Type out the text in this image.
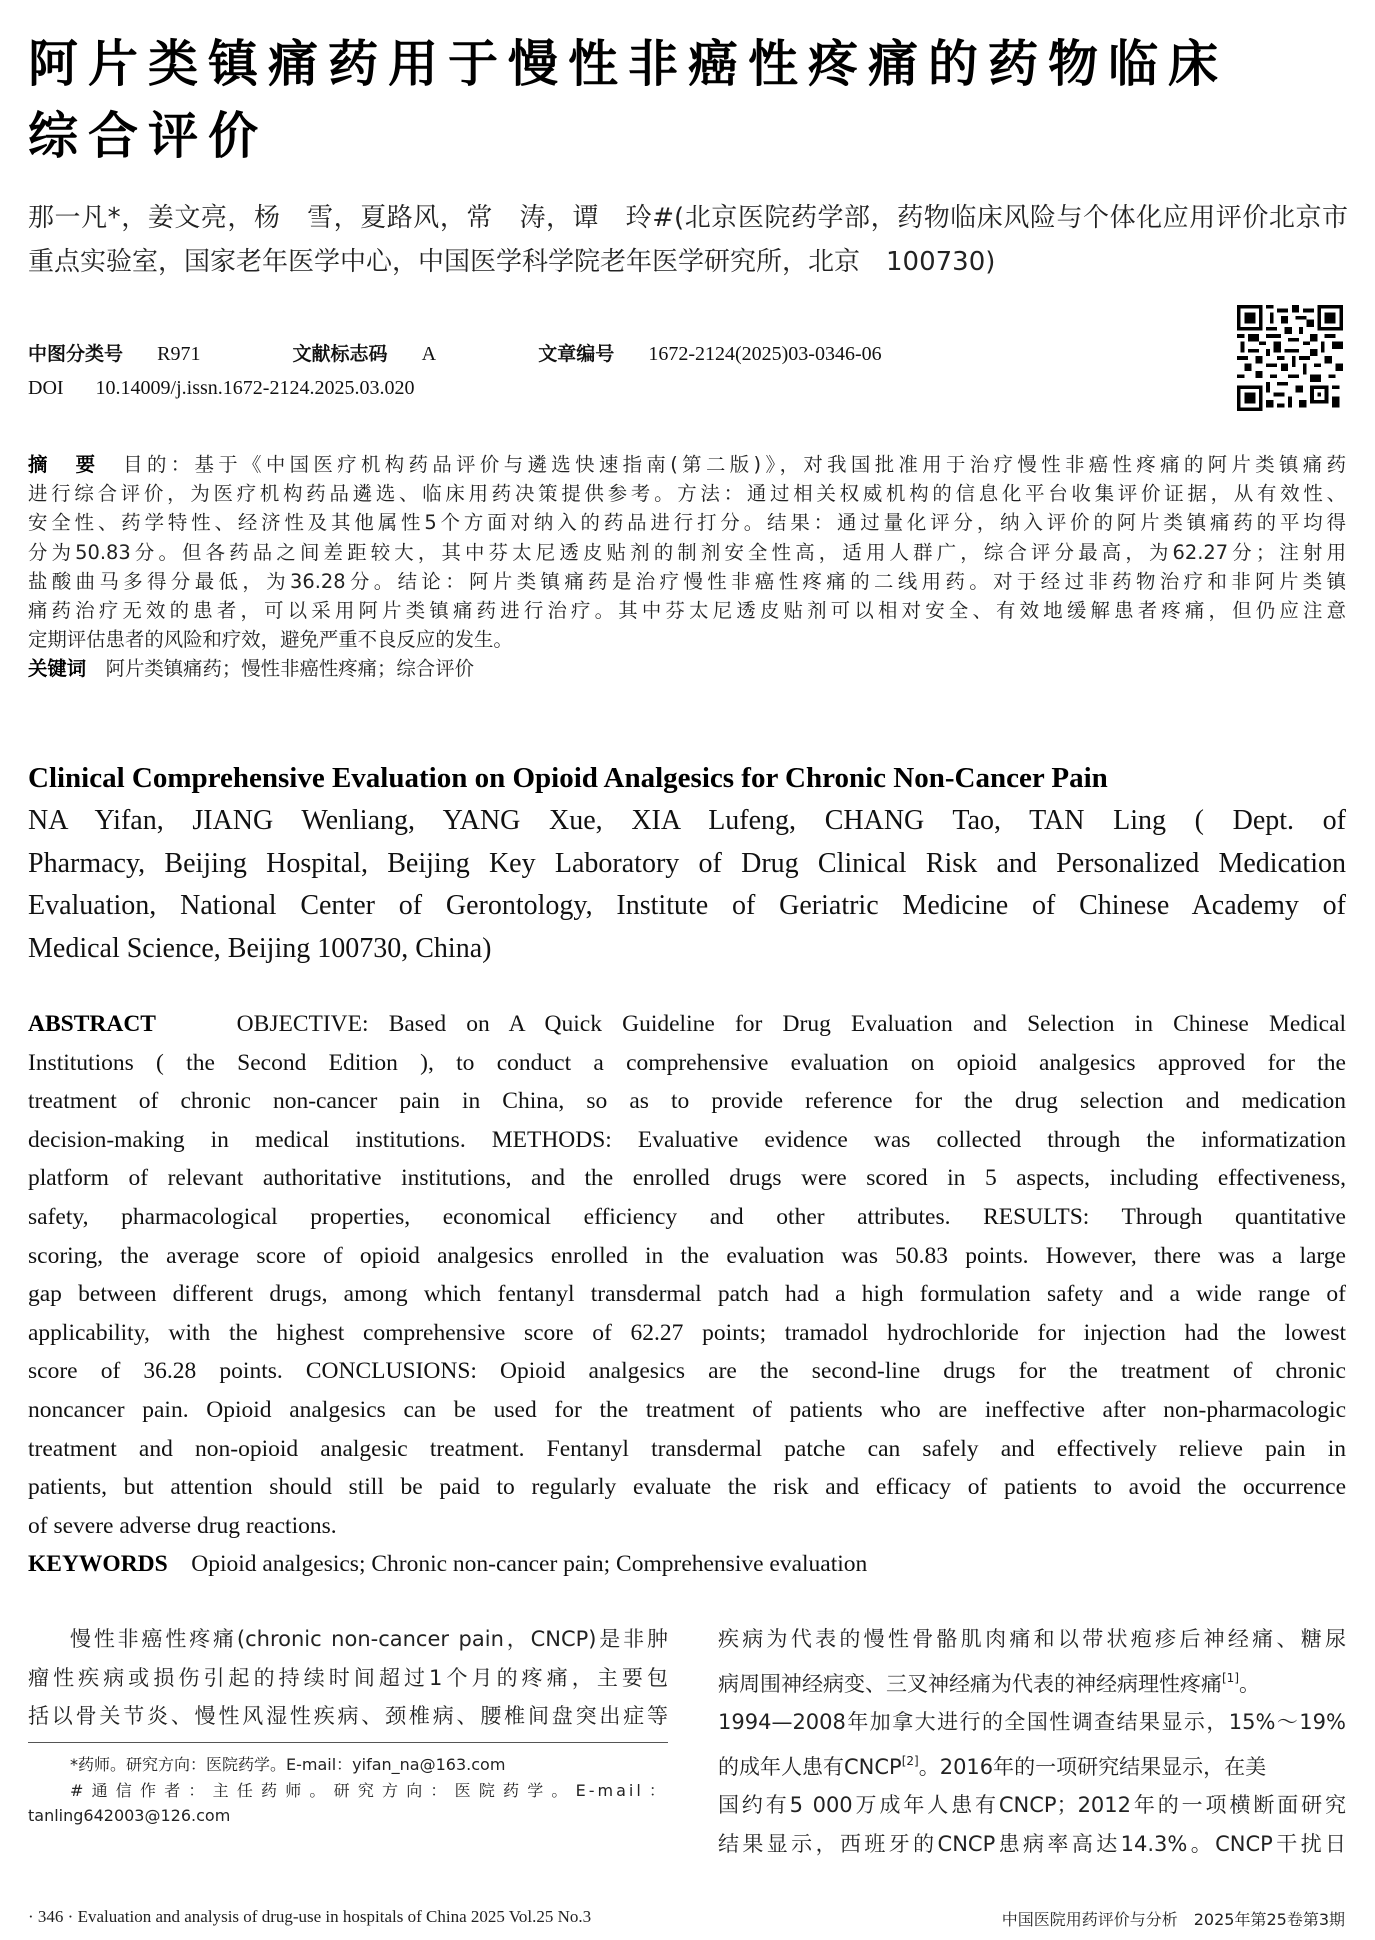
阿片类镇痛药用于慢性非癌性疼痛的药物临床
综合评价
那一凡*，姜文亮，杨　雪，夏路风，常　涛，谭　玲#(北京医院药学部，药物临床风险与个体化应用评价北京市
重点实验室，国家老年医学中心，中国医学科学院老年医学研究所，北京　100730)
中图分类号 R971	文献标志码 A	文章编号 1672-2124(2025)03-0346-06
DOI 10.14009/j.issn.1672-2124.2025.03.020
摘　要　 目的：基于《中国医疗机构药品评价与遴选快速指南(第二版)》，对我国批准用于治疗慢性非癌性疼痛的阿片类镇痛药
进行综合评价，为医疗机构药品遴选、临床用药决策提供参考。方法：通过相关权威机构的信息化平台收集评价证据，从有效性、
安全性、药学特性、经济性及其他属性5个方面对纳入的药品进行打分。结果：通过量化评分，纳入评价的阿片类镇痛药的平均得
分为50.83分。但各药品之间差距较大，其中芬太尼透皮贴剂的制剂安全性高，适用人群广，综合评分最高，为62.27分；注射用
盐酸曲马多得分最低，为36.28分。结论：阿片类镇痛药是治疗慢性非癌性疼痛的二线用药。对于经过非药物治疗和非阿片类镇
痛药治疗无效的患者，可以采用阿片类镇痛药进行治疗。其中芬太尼透皮贴剂可以相对安全、有效地缓解患者疼痛，但仍应注意
定期评估患者的风险和疗效，避免严重不良反应的发生。
关键词　 阿片类镇痛药；慢性非癌性疼痛；综合评价
Clinical Comprehensive Evaluation on Opioid Analgesics for Chronic Non-Cancer Pain
NA Yifan, JIANG Wenliang, YANG Xue, XIA Lufeng, CHANG Tao, TAN Ling ( Dept. of
Pharmacy, Beijing Hospital, Beijing Key Laboratory of Drug Clinical Risk and Personalized Medication
Evaluation, National Center of Gerontology, Institute of Geriatric Medicine of Chinese Academy of
Medical Science, Beijing 100730, China)
ABSTRACT	OBJECTIVE: Based on A Quick Guideline for Drug Evaluation and Selection in Chinese Medical
Institutions ( the Second Edition ), to conduct a comprehensive evaluation on opioid analgesics approved for the
treatment of chronic non-cancer pain in China, so as to provide reference for the drug selection and medication
decision-making in medical institutions. METHODS: Evaluative evidence was collected through the informatization
platform of relevant authoritative institutions, and the enrolled drugs were scored in 5 aspects, including effectiveness,
safety, pharmacological properties, economical efficiency and other attributes. RESULTS: Through quantitative
scoring, the average score of opioid analgesics enrolled in the evaluation was 50.83 points. However, there was a large
gap between different drugs, among which fentanyl transdermal patch had a high formulation safety and a wide range of
applicability, with the highest comprehensive score of 62.27 points; tramadol hydrochloride for injection had the lowest
score of 36.28 points. CONCLUSIONS: Opioid analgesics are the second-line drugs for the treatment of chronic
noncancer pain. Opioid analgesics can be used for the treatment of patients who are ineffective after non-pharmacologic
treatment and non-opioid analgesic treatment. Fentanyl transdermal patche can safely and effectively relieve pain in
patients, but attention should still be paid to regularly evaluate the risk and efficacy of patients to avoid the occurrence
of severe adverse drug reactions.
KEYWORDS Opioid analgesics; Chronic non-cancer pain; Comprehensive evaluation
慢性非癌性疼痛(chronic non-cancer pain，CNCP)是非肿
瘤性疾病或损伤引起的持续时间超过1个月的疼痛，主要包
括以骨关节炎、慢性风湿性疾病、颈椎病、腰椎间盘突出症等
*药师。研究方向：医院药学。E-mail：yifan_na@163.com
#通信作者：主任药师。研究方向：医院药学。E-mail：
tanling642003@126.com
疾病为代表的慢性骨骼肌肉痛和以带状疱疹后神经痛、糖尿
病周围神经病变、三叉神经痛为代表的神经病理性疼痛[1]。
1994—2008年加拿大进行的全国性调查结果显示，15%～19%
的成年人患有CNCP[2]。2016年的一项研究结果显示，在美
国约有5 000万成年人患有CNCP；2012年的一项横断面研究
结果显示，西班牙的CNCP患病率高达14.3%。CNCP干扰日
· 346 · Evaluation and analysis of drug-use in hospitals of China 2025 Vol.25 No.3	中国医院用药评价与分析　2025年第25卷第3期
